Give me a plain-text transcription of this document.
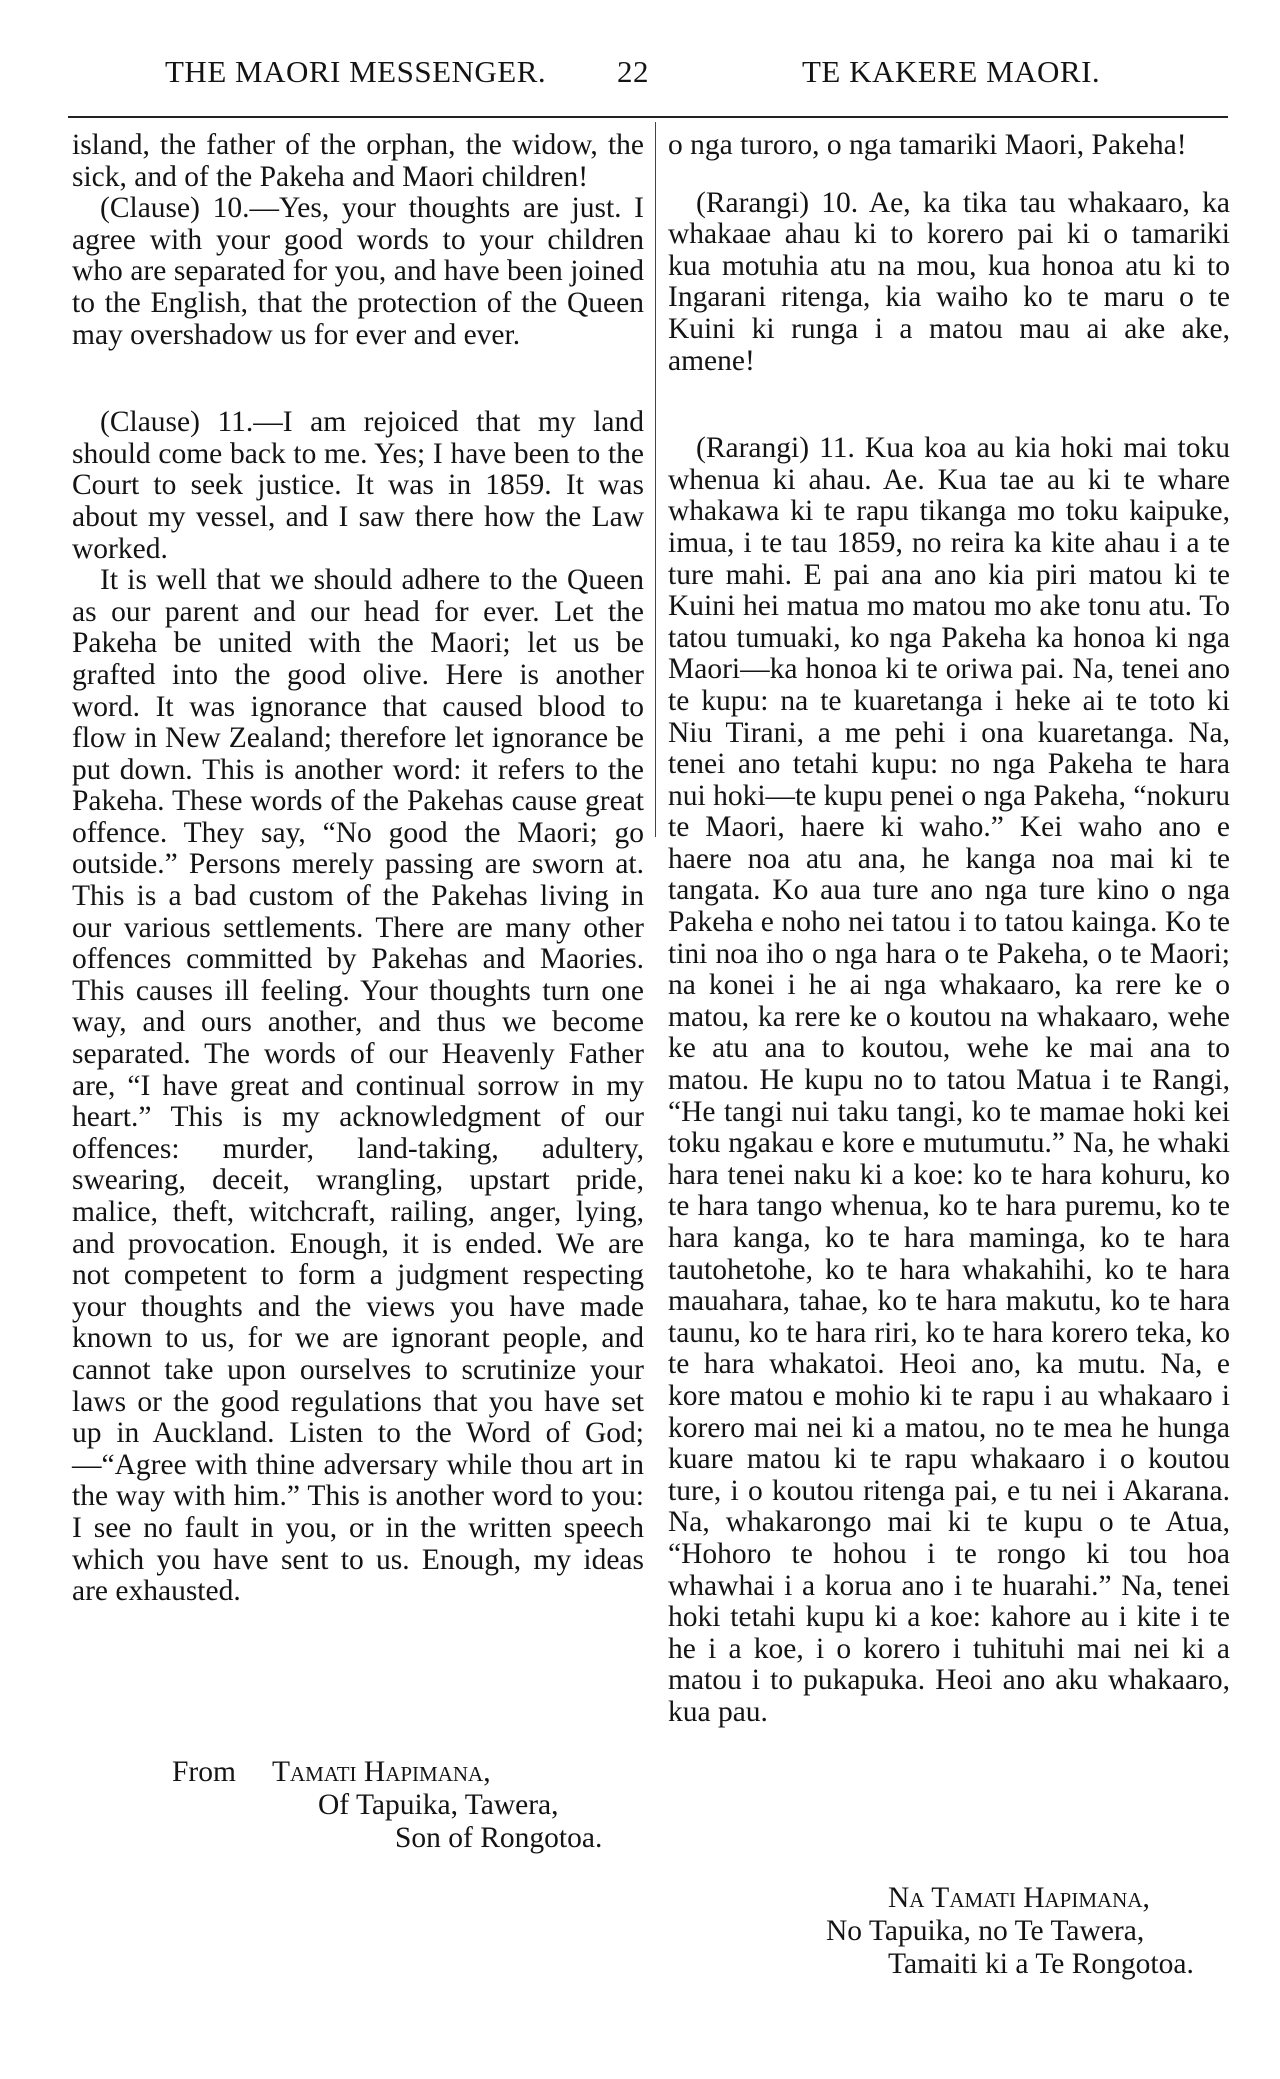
THE MAORI MESSENGER. 22	TE KAKERE MAORI.

island, the father of the orphan, the widow, the sick, and of the Pakeha and Maori children!

(Clause) 10.—Yes, your thoughts are just. I agree with your good words to your children who are separated for you, and have been joined to the English, that the protection of the Queen may overshadow us for ever and ever.

(Clause) 11.—I am rejoiced that my land should come back to me. Yes; I have been to the Court to seek justice. It was in 1859. It was about my vessel, and I saw there how the Law worked.

It is well that we should adhere to the Queen as our parent and our head for ever. Let the Pakeha be united with the Maori; let us be grafted into the good olive. Here is another word. It was ignorance that caused blood to flow in New Zealand; therefore let ignorance be put down. This is another word: it refers to the Pakeha. These words of the Pakehas cause great offence. They say, “No good the Maori; go outside.” Persons merely passing are sworn at. This is a bad custom of the Pakehas living in our various settlements. There are many other offences committed by Pakehas and Maories. This causes ill feeling. Your thoughts turn one way, and ours another, and thus we become separated. The words of our Heavenly Father are, “I have great and continual sorrow in my heart.” This is my acknowledgment of our offences: murder, land-taking, adultery, swearing, deceit, wrangling, upstart pride, malice, theft, witchcraft, railing, anger, lying, and provocation. Enough, it is ended. We are not competent to form a judgment respecting your thoughts and the views you have made known to us, for we are ignorant people, and cannot take upon ourselves to scrutinize your laws or the good regulations that you have set up in Auckland. Listen to the Word of God;—“Agree with thine adversary while thou art in the way with him.” This is another word to you: I see no fault in you, or in the written speech which you have sent to us. Enough, my ideas are exhausted.

From Tamati Hapimana,
Of Tapuika, Tawera,
Son of Rongotoa.

o nga turoro, o nga tamariki Maori, Pakeha!

(Rarangi) 10. Ae, ka tika tau whakaaro, ka whakaae ahau ki to korero pai ki o tamariki kua motuhia atu na mou, kua honoa atu ki to Ingarani ritenga, kia waiho ko te maru o te Kuini ki runga i a matou mau ai ake ake, amene!

(Rarangi) 11. Kua koa au kia hoki mai toku whenua ki ahau. Ae. Kua tae au ki te whare whakawa ki te rapu tikanga mo toku kaipuke, imua, i te tau 1859, no reira ka kite ahau i a te ture mahi. E pai ana ano kia piri matou ki te Kuini hei matua mo matou mo ake tonu atu. To tatou tumuaki, ko nga Pakeha ka honoa ki nga Maori—ka honoa ki te oriwa pai. Na, tenei ano te kupu: na te kuaretanga i heke ai te toto ki Niu Tirani, a me pehi i ona kuaretanga. Na, tenei ano tetahi kupu: no nga Pakeha te hara nui hoki—te kupu penei o nga Pakeha, “nokuru te Maori, haere ki waho.” Kei waho ano e haere noa atu ana, he kanga noa mai ki te tangata. Ko aua ture ano nga ture kino o nga Pakeha e noho nei tatou i to tatou kainga. Ko te tini noa iho o nga hara o te Pakeha, o te Maori; na konei i he ai nga whakaaro, ka rere ke o matou, ka rere ke o koutou na whakaaro, wehe ke atu ana to koutou, wehe ke mai ana to matou. He kupu no to tatou Matua i te Rangi, “He tangi nui taku tangi, ko te mamae hoki kei toku ngakau e kore e mutumutu.” Na, he whaki hara tenei naku ki a koe: ko te hara kohuru, ko te hara tango whenua, ko te hara puremu, ko te hara kanga, ko te hara maminga, ko te hara tautohetohe, ko te hara whakahihi, ko te hara mauahara, tahae, ko te hara makutu, ko te hara taunu, ko te hara riri, ko te hara korero teka, ko te hara whakatoi. Heoi ano, ka mutu. Na, e kore matou e mohio ki te rapu i au whakaaro i korero mai nei ki a matou, no te mea he hunga kuare matou ki te rapu whakaaro i o koutou ture, i o koutou ritenga pai, e tu nei i Akarana. Na, whakarongo mai ki te kupu o te Atua, “Hohoro te hohou i te rongo ki tou hoa whawhai i a korua ano i te huarahi.” Na, tenei hoki tetahi kupu ki a koe: kahore au i kite i te he i a koe, i o korero i tuhituhi mai nei ki a matou i to pukapuka. Heoi ano aku whakaaro, kua pau.

Na Tamati Hapimana,
No Tapuika, no Te Tawera,
Tamaiti ki a Te Rongotoa.
